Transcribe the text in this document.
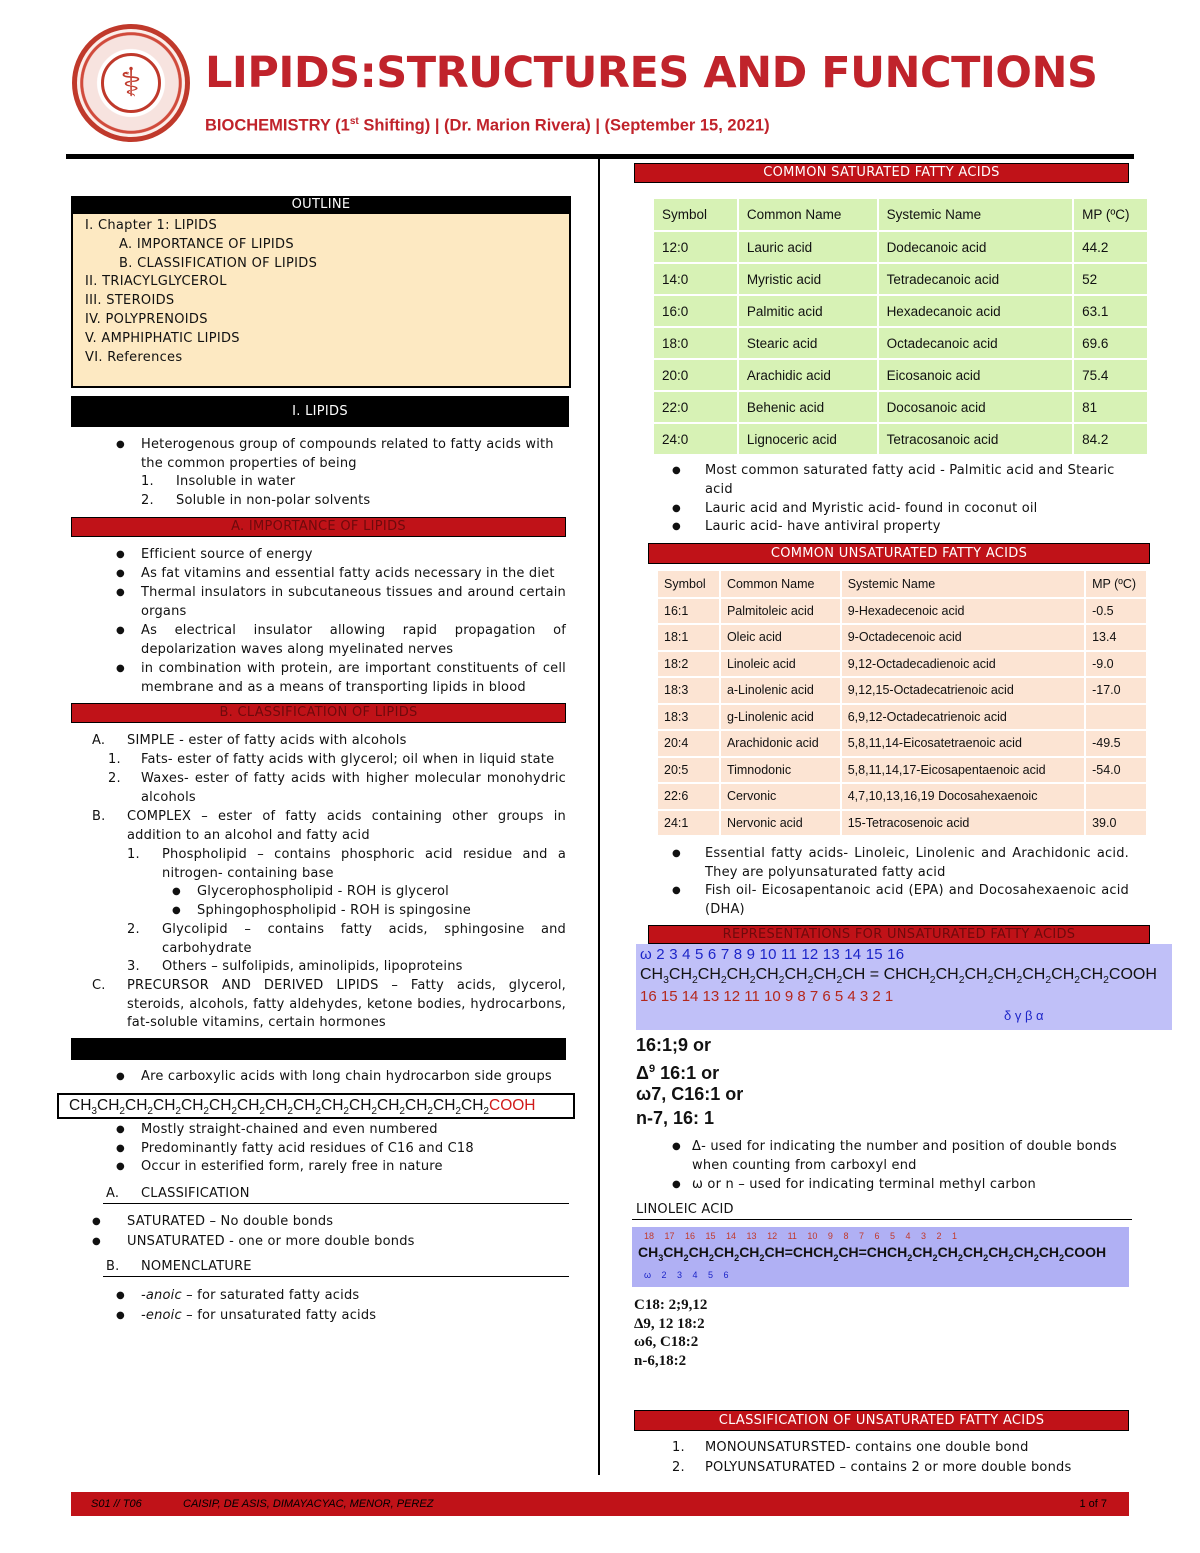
⚕ LIPIDS:STRUCTURES AND FUNCTIONS
BIOCHEMISTRY (1st Shifting) | (Dr. Marion Rivera) | (September 15, 2021)
OUTLINE
I. Chapter 1: LIPIDS
A. IMPORTANCE OF LIPIDS
B. CLASSIFICATION OF LIPIDS
II. TRIACYLGLYCEROL
III. STEROIDS
IV. POLYPRENOIDS
V. AMPHIPHATIC LIPIDS
VI. References
I. LIPIDS
● Heterogenous group of compounds related to fatty acids with the common properties of being
1. Insoluble in water
2. Soluble in non-polar solvents
A. IMPORTANCE OF LIPIDS
● Efficient source of energy
● As fat vitamins and essential fatty acids necessary in the diet
● Thermal insulators in subcutaneous tissues and around certain organs
● As electrical insulator allowing rapid propagation of depolarization waves along myelinated nerves
● in combination with protein, are important constituents of cell membrane and as a means of transporting lipids in blood
B. CLASSIFICATION OF LIPIDS
A. SIMPLE - ester of fatty acids with alcohols
1. Fats- ester of fatty acids with glycerol; oil when in liquid state
2. Waxes- ester of fatty acids with higher molecular monohydric alcohols
B. COMPLEX – ester of fatty acids containing other groups in addition to an alcohol and fatty acid
1. Phospholipid – contains phosphoric acid residue and a nitrogen- containing base
● Glycerophospholipid - ROH is glycerol
● Sphingophospholipid - ROH is spingosine
2. Glycolipid – contains fatty acids, sphingosine and carbohydrate
3. Others – sulfolipids, aminolipids, lipoproteins
C. PRECURSOR AND DERIVED LIPIDS – Fatty acids, glycerol, steroids, alcohols, fatty aldehydes, ketone bodies, hydrocarbons, fat-soluble vitamins, certain hormones
● Are carboxylic acids with long chain hydrocarbon side groups
$CH_3CH_2CH_2CH_2CH_2CH_2CH_2CH_2CH_2CH_2CH_2CH_2CH_2CH_2CH_2COOH$
● Mostly straight-chained and even numbered
● Predominantly fatty acid residues of C16 and C18
● Occur in esterified form, rarely free in nature
A. CLASSIFICATION
● SATURATED – No double bonds
● UNSATURATED - one or more double bonds
B. NOMENCLATURE
● -anoic – for saturated fatty acids
● -enoic – for unsaturated fatty acids
COMMON SATURATED FATTY ACIDS
Symbol	Common Name	Systemic Name	MP (ºC)
12:0	Lauric acid	Dodecanoic acid	44.2
14:0	Myristic acid	Tetradecanoic acid	52
16:0	Palmitic acid	Hexadecanoic acid	63.1
18:0	Stearic acid	Octadecanoic acid	69.6
20:0	Arachidic acid	Eicosanoic acid	75.4
22:0	Behenic acid	Docosanoic acid	81
24:0	Lignoceric acid	Tetracosanoic acid	84.2
● Most common saturated fatty acid - Palmitic acid and Stearic acid
● Lauric acid and Myristic acid- found in coconut oil
● Lauric acid- have antiviral property
COMMON UNSATURATED FATTY ACIDS
Symbol	Common Name	Systemic Name	MP (ºC)
16:1	Palmitoleic acid	9-Hexadecenoic acid	-0.5
18:1	Oleic acid	9-Octadecenoic acid	13.4
18:2	Linoleic acid	9,12-Octadecadienoic acid	-9.0
18:3	a-Linolenic acid	9,12,15-Octadecatrienoic acid	-17.0
18:3	g-Linolenic acid	6,9,12-Octadecatrienoic acid	
20:4	Arachidonic acid	5,8,11,14-Eicosatetraenoic acid	-49.5
20:5	Timnodonic	5,8,11,14,17-Eicosapentaenoic acid	-54.0
22:6	Cervonic	4,7,10,13,16,19 Docosahexaenoic	
24:1	Nervonic acid	15-Tetracosenoic acid	39.0
● Essential fatty acids- Linoleic, Linolenic and Arachidonic acid. They are polyunsaturated fatty acid
● Fish oil- Eicosapentanoic acid (EPA) and Docosahexaenoic acid (DHA)
REPRESENTATIONS FOR UNSATURATED FATTY ACIDS
ω 2 3 4 5 6 7 8 9 10 11 12 13 14 15 16
$CH_3CH_2CH_2CH_2CH_2CH_2CH_2CH$ = $CHCH_2CH_2CH_2CH_2CH_2CH_2CH_2COOH$
16 15 14 13 12 11 10 9 8 7 6 5 4 3 2 1
δ γ β α
16:1;9 or
$\Delta^9$ 16:1 or
ω7, C16:1 or
n-7, 16: 1
● Δ- used for indicating the number and position of double bonds when counting from carboxyl end
● ω or n – used for indicating terminal methyl carbon
LINOLEIC ACID
18 17 16 15 14 13 12 11 10 9 8 7 6 5 4 3 2 1
$CH_3CH_2CH_2CH_2CH_2CH=CHCH_2CH=CHCH_2CH_2CH_2CH_2CH_2CH_2CH_2COOH$
ω 2 3 4 5 6
C18: 2;9,12
Δ9, 12 18:2
ω6, C18:2
n-6,18:2
CLASSIFICATION OF UNSATURATED FATTY ACIDS
1. MONOUNSATURSTED- contains one double bond
2. POLYUNSATURATED – contains 2 or more double bonds
S01 // T06	CAISIP, DE ASIS, DIMAYACYAC, MENOR, PEREZ	1 of 7
